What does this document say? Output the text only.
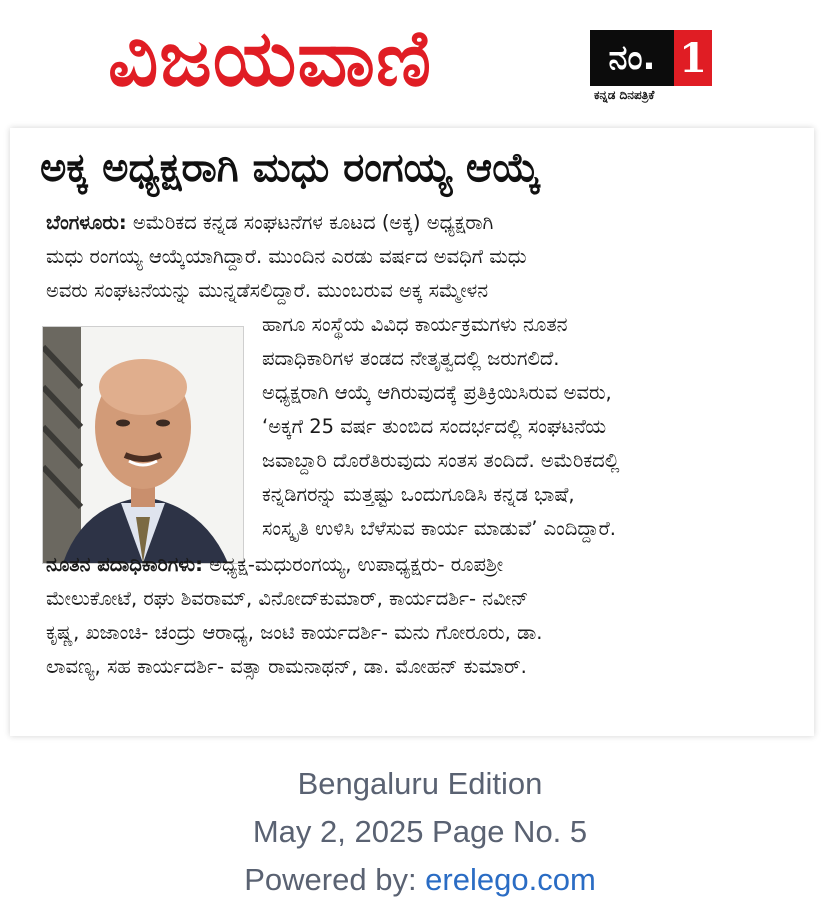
ವಿಜಯವಾಣಿ	ನಂ. 1
ಕನ್ನಡ ದಿನಪತ್ರಿಕೆ
ಅಕ್ಕ ಅಧ್ಯಕ್ಷರಾಗಿ ಮಧು ರಂಗಯ್ಯ ಆಯ್ಕೆ
ಬೆಂಗಳೂರು: ಅಮೆರಿಕದ ಕನ್ನಡ ಸಂಘಟನೆಗಳ ಕೂಟದ (ಅಕ್ಕ) ಅಧ್ಯಕ್ಷರಾಗಿ
ಮಧು ರಂಗಯ್ಯ ಆಯ್ಕೆಯಾಗಿದ್ದಾರೆ. ಮುಂದಿನ ಎರಡು ವರ್ಷದ ಅವಧಿಗೆ ಮಧು
ಅವರು ಸಂಘಟನೆಯನ್ನು ಮುನ್ನಡೆಸಲಿದ್ದಾರೆ. ಮುಂಬರುವ ಅಕ್ಕ ಸಮ್ಮೇಳನ
ಹಾಗೂ ಸಂಸ್ಥೆಯ ವಿವಿಧ ಕಾರ್ಯಕ್ರಮಗಳು ನೂತನ
ಪದಾಧಿಕಾರಿಗಳ ತಂಡದ ನೇತೃತ್ವದಲ್ಲಿ ಜರುಗಲಿದೆ.
ಅಧ್ಯಕ್ಷರಾಗಿ ಆಯ್ಕೆ ಆಗಿರುವುದಕ್ಕೆ ಪ್ರತಿಕ್ರಿಯಿಸಿರುವ ಅವರು,
‘ಅಕ್ಕಗೆ 25 ವರ್ಷ ತುಂಬಿದ ಸಂದರ್ಭದಲ್ಲಿ ಸಂಘಟನೆಯ
ಜವಾಬ್ದಾರಿ ದೊರೆತಿರುವುದು ಸಂತಸ ತಂದಿದೆ. ಅಮೆರಿಕದಲ್ಲಿ
ಕನ್ನಡಿಗರನ್ನು ಮತ್ತಷ್ಟು ಒಂದುಗೂಡಿಸಿ ಕನ್ನಡ ಭಾಷೆ,
ಸಂಸ್ಕೃತಿ ಉಳಿಸಿ ಬೆಳೆಸುವ ಕಾರ್ಯ ಮಾಡುವೆ’ ಎಂದಿದ್ದಾರೆ.
ನೂತನ ಪದಾಧಿಕಾರಿಗಳು: ಅಧ್ಯಕ್ಷ-ಮಧುರಂಗಯ್ಯ, ಉಪಾಧ್ಯಕ್ಷರು- ರೂಪಶ್ರೀ
ಮೇಲುಕೋಟೆ, ರಘು ಶಿವರಾಮ್, ವಿನೋದ್‌ಕುಮಾರ್, ಕಾರ್ಯದರ್ಶಿ- ನವೀನ್
ಕೃಷ್ಣ, ಖಜಾಂಚಿ- ಚಂದ್ರು ಆರಾಧ್ಯ, ಜಂಟಿ ಕಾರ್ಯದರ್ಶಿ- ಮನು ಗೋರೂರು, ಡಾ.
ಲಾವಣ್ಯ, ಸಹ ಕಾರ್ಯದರ್ಶಿ- ವತ್ಸಾ ರಾಮನಾಥನ್, ಡಾ. ಮೋಹನ್ ಕುಮಾರ್.
Bengaluru Edition
May 2, 2025 Page No. 5
Powered by: erelego.com
